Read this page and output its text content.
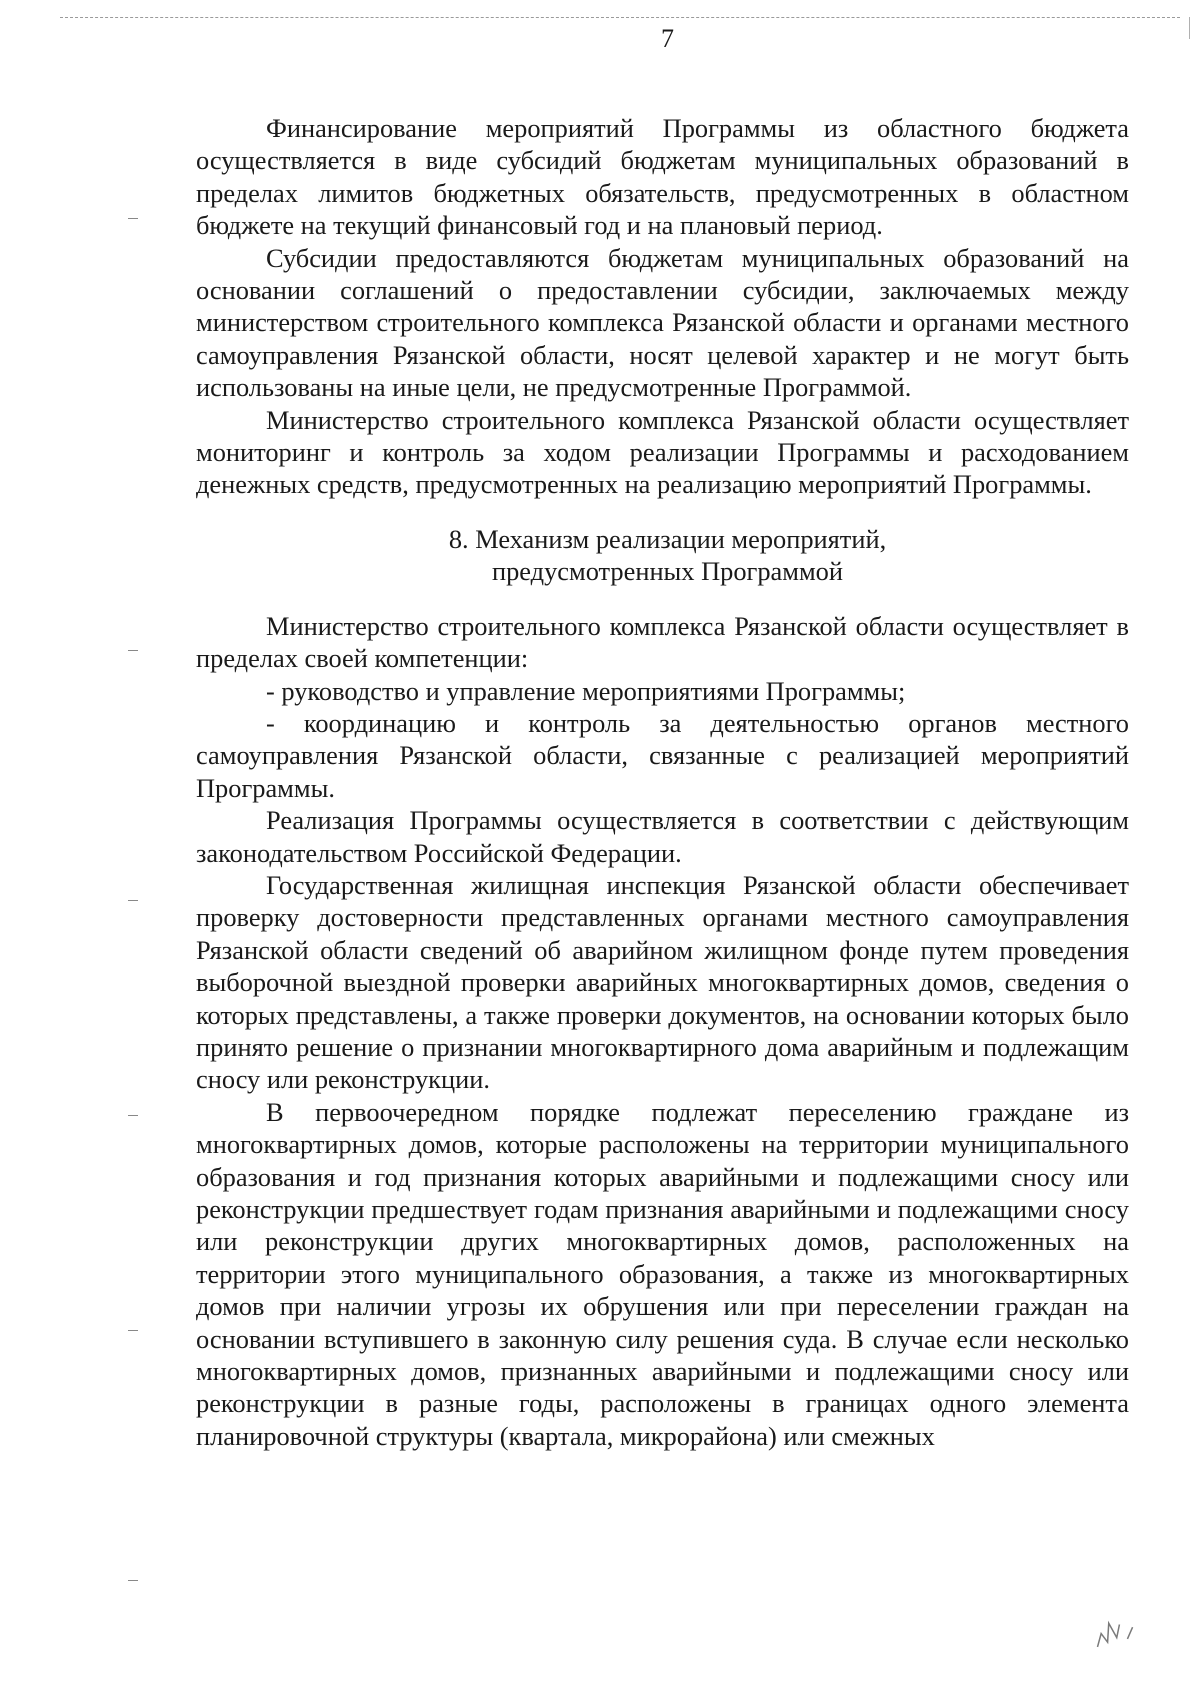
7

Финансирование мероприятий Программы из областного бюджета осуществляется в виде субсидий бюджетам муниципальных образований в пределах лимитов бюджетных обязательств, предусмотренных в областном бюджете на текущий финансовый год и на плановый период.

Субсидии предоставляются бюджетам муниципальных образований на основании соглашений о предоставлении субсидии, заключаемых между министерством строительного комплекса Рязанской области и органами местного самоуправления Рязанской области, носят целевой характер и не могут быть использованы на иные цели, не предусмотренные Программой.

Министерство строительного комплекса Рязанской области осуществляет мониторинг и контроль за ходом реализации Программы и расходованием денежных средств, предусмотренных на реализацию мероприятий Программы.

8. Механизм реализации мероприятий,
предусмотренных Программой

Министерство строительного комплекса Рязанской области осуществляет в пределах своей компетенции:

- руководство и управление мероприятиями Программы;

- координацию и контроль за деятельностью органов местного самоуправления Рязанской области, связанные с реализацией мероприятий Программы.

Реализация Программы осуществляется в соответствии с действующим законодательством Российской Федерации.

Государственная жилищная инспекция Рязанской области обеспечивает проверку достоверности представленных органами местного самоуправления Рязанской области сведений об аварийном жилищном фонде путем проведения выборочной выездной проверки аварийных многоквартирных домов, сведения о которых представлены, а также проверки документов, на основании которых было принято решение о признании многоквартирного дома аварийным и подлежащим сносу или реконструкции.

В первоочередном порядке подлежат переселению граждане из многоквартирных домов, которые расположены на территории муниципального образования и год признания которых аварийными и подлежащими сносу или реконструкции предшествует годам признания аварийными и подлежащими сносу или реконструкции других многоквартирных домов, расположенных на территории этого муниципального образования, а также из многоквартирных домов при наличии угрозы их обрушения или при переселении граждан на основании вступившего в законную силу решения суда. В случае если несколько многоквартирных домов, признанных аварийными и подлежащими сносу или реконструкции в разные годы, расположены в границах одного элемента планировочной структуры (квартала, микрорайона) или смежных
